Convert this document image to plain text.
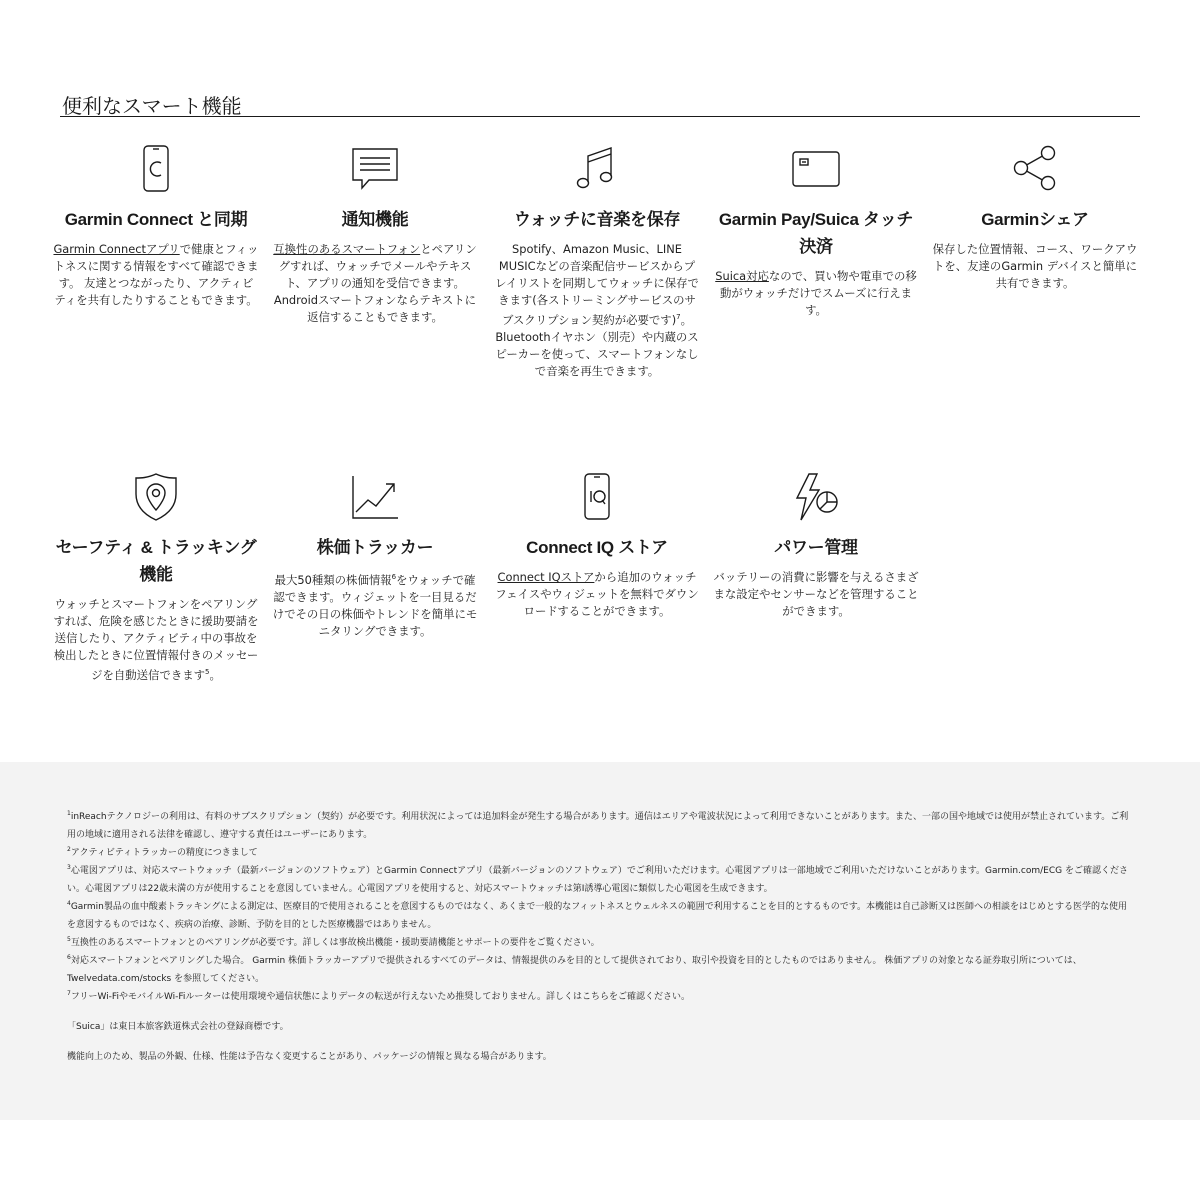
便利なスマート機能
Garmin Connect と同期

Garmin Connectアプリで健康とフィットネスに関する情報をすべて確認できます。 友達とつながったり、アクティビティを共有したりすることもできます。

通知機能

互換性のあるスマートフォンとペアリングすれば、ウォッチでメールやテキスト、アプリの通知を受信できます。 Androidスマートフォンならテキストに返信することもできます。

ウォッチに音楽を保存

Spotify、Amazon Music、LINE MUSICなどの音楽配信サービスからプレイリストを同期してウォッチに保存できます(各ストリーミングサービスのサブスクリプション契約が必要です)$^7$。Bluetoothイヤホン（別売）や内蔵のスピーカーを使って、スマートフォンなしで音楽を再生できます。

Garmin Pay/Suica タッチ決済

Suica対応なので、買い物や電車での移動がウォッチだけでスムーズに行えます。

Garminシェア

保存した位置情報、コース、ワークアウトを、友達のGarmin デバイスと簡単に共有できます。

セーフティ & トラッキング機能

ウォッチとスマートフォンをペアリングすれば、危険を感じたときに援助要請を送信したり、アクティビティ中の事故を検出したときに位置情報付きのメッセージを自動送信できます$^5$。

株価トラッカー

最大50種類の株価情報$^6$をウォッチで確認できます。ウィジェットを一目見るだけでその日の株価やトレンドを簡単にモニタリングできます。

Connect IQ ストア

Connect IQストアから追加のウォッチフェイスやウィジェットを無料でダウンロードすることができます。

パワー管理

バッテリーの消費に影響を与えるさまざまな設定やセンサーなどを管理することができます。

$^1$inReachテクノロジーの利用は、有料のサブスクリプション（契約）が必要です。利用状況によっては追加料金が発生する場合があります。通信はエリアや電波状況によって利用できないことがあります。また、一部の国や地域では使用が禁止されています。ご利用の地域に適用される法律を確認し、遵守する責任はユーザーにあります。
$^2$アクティビティトラッカーの精度につきまして
$^3$心電図アプリは、対応スマートウォッチ（最新バージョンのソフトウェア）とGarmin Connectアプリ（最新バージョンのソフトウェア）でご利用いただけます。心電図アプリは一部地域でご利用いただけないことがあります。Garmin.com/ECG をご確認ください。心電図アプリは22歳未満の方が使用することを意図していません。心電図アプリを使用すると、対応スマートウォッチは第Ⅰ誘導心電図に類似した心電図を生成できます。
$^4$Garmin製品の血中酸素トラッキングによる測定は、医療目的で使用されることを意図するものではなく、あくまで一般的なフィットネスとウェルネスの範囲で利用することを目的とするものです。本機能は自己診断又は医師への相談をはじめとする医学的な使用を意図するものではなく、疾病の治療、診断、予防を目的とした医療機器ではありません。
$^5$互換性のあるスマートフォンとのペアリングが必要です。詳しくは事故検出機能・援助要請機能とサポートの要件をご覧ください。
$^6$対応スマートフォンとペアリングした場合。 Garmin 株価トラッカーアプリで提供されるすべてのデータは、情報提供のみを目的として提供されており、取引や投資を目的としたものではありません。 株価アプリの対象となる証券取引所については、Twelvedata.com/stocks を参照してください。
$^7$フリーWi-FiやモバイルWi-Fiルーターは使用環境や通信状態によりデータの転送が行えないため推奨しておりません。詳しくはこちらをご確認ください。
「Suica」は東日本旅客鉄道株式会社の登録商標です。
機能向上のため、製品の外観、仕様、性能は予告なく変更することがあり、パッケージの情報と異なる場合があります。
